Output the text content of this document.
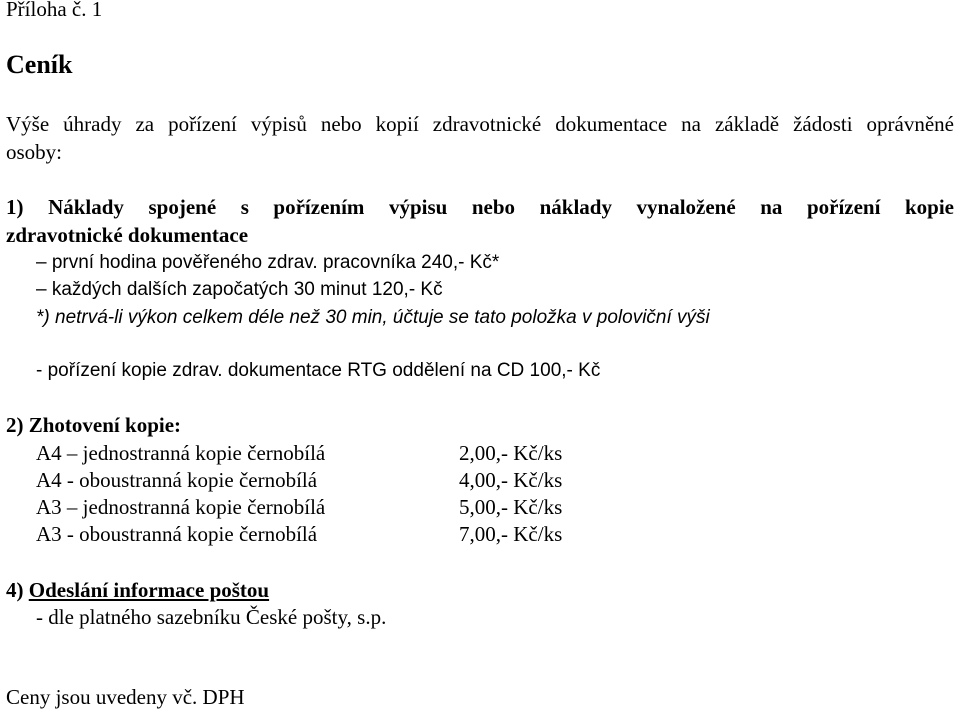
Příloha č. 1
Ceník
Výše úhrady za pořízení výpisů nebo kopií zdravotnické dokumentace na základě žádosti oprávněné
osoby:
1) Náklady spojené s pořízením výpisu nebo náklady vynaložené na pořízení kopie
zdravotnické dokumentace
– první hodina pověřeného zdrav. pracovníka 240,- Kč*
– každých dalších započatých 30 minut 120,- Kč
*) netrvá-li výkon celkem déle než 30 min, účtuje se tato položka v poloviční výši
- pořízení kopie zdrav. dokumentace RTG oddělení na CD 100,- Kč
2) Zhotovení kopie:
A4 – jednostranná kopie černobílá	2,00,- Kč/ks
A4 - oboustranná kopie černobílá	4,00,- Kč/ks
A3 – jednostranná kopie černobílá	5,00,- Kč/ks
A3 - oboustranná kopie černobílá	7,00,- Kč/ks
4) Odeslání informace poštou
- dle platného sazebníku České pošty, s.p.
Ceny jsou uvedeny vč. DPH
